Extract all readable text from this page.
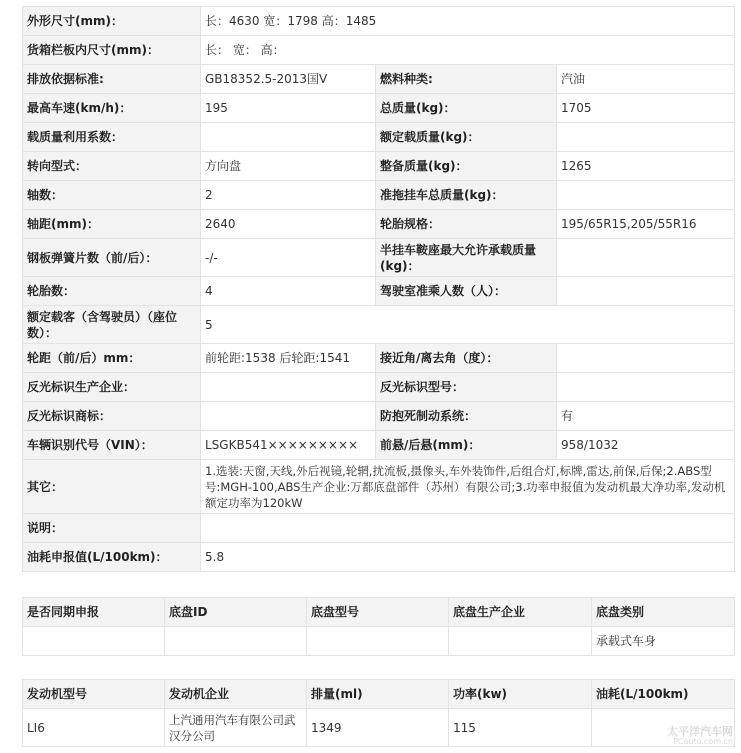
外形尺寸(mm)：	长：4630 宽：1798 高：1485		
货箱栏板内尺寸(mm)：	长： 宽： 高：		
排放依据标准:	GB18352.5-2013国Ⅴ	燃料种类:	汽油
最高车速(km/h)：	195	总质量(kg)：	1705
载质量利用系数：		额定载质量(kg)：	
转向型式：	方向盘	整备质量(kg)：	1265
轴数：	2	准拖挂车总质量(kg)：	
轴距(mm)：	2640	轮胎规格：	195/65R15,205/55R16
钢板弹簧片数（前/后）：	-/-	半挂车鞍座最大允许承载质量(kg)：	
轮胎数：	4	驾驶室准乘人数（人）：	
额定载客（含驾驶员）（座位数）：	5		
轮距（前/后）mm：	前轮距:1538 后轮距:1541	接近角/离去角（度）：	
反光标识生产企业：		反光标识型号：	
反光标识商标：		防抱死制动系统：	有
车辆识别代号（VIN）：	LSGKB541×××××××××	前悬/后悬(mm)：	958/1032
其它：	1.选装:天窗,天线,外后视镜,轮辋,扰流板,摄像头,车外装饰件,后组合灯,标牌,雷达,前保,后保;2.ABS型号:MGH-100,ABS生产企业:万都底盘部件（苏州）有限公司;3.功率申报值为发动机最大净功率,发动机额定功率为120kW		
说明：			
油耗申报值(L/100km)：	5.8		
是否同期申报	底盘ID	底盘型号	底盘生产企业	底盘类别
				承载式车身
发动机型号	发动机企业	排量(ml)	功率(kw)	油耗(L/100km)
LI6	上汽通用汽车有限公司武汉分公司	1349	115		太平洋汽车网
PCauto.com.cn
